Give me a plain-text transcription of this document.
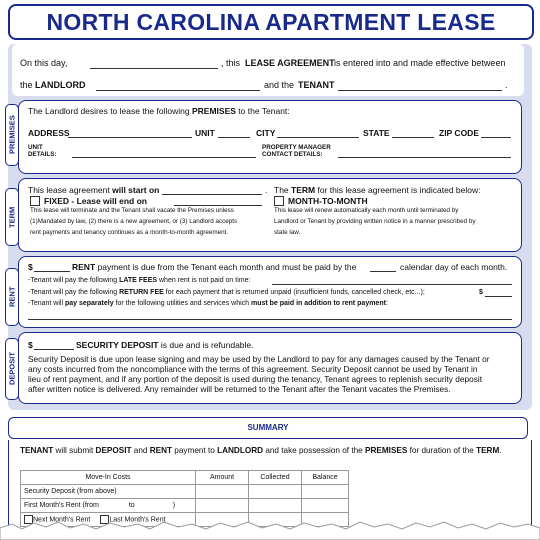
NORTH CAROLINA APARTMENT LEASE
On this day,	, this LEASE AGREEMENT is entered into and made effective between
the LANDLORD	and the TENANT	.
PREMISES
The Landlord desires to lease the following PREMISES to the Tenant:
ADDRESS	UNIT	CITY	STATE	ZIP CODE
UNIT
DETAILS:
PROPERTY MANAGER
CONTACT DETAILS:
TERM
This lease agreement will start on	. The TERM for this lease agreement is indicated below:
FIXED - Lease will end on
This lease will terminate and the Tenant shall vacate the Premises unless
(1)Mandated by law, (2) there is a new agreement, or (3) Landlord accepts
rent payments and tenancy continues as a month-to-month agreement.
MONTH-TO-MONTH
This lease will renew automatically each month until terminated by
Landlord or Tenant by providing written notice in a manner prescribed by
state law.
RENT
$	RENT payment is due from the Tenant each month and must be paid by the	calendar day of each month.
-Tenant will pay the following LATE FEES when rent is not paid on time:
-Tenant will pay the following RETURN FEE for each payment that is returned unpaid (insufficient funds, cancelled check, etc...);	$
-Tenant will pay separately for the following utilities and services which must be paid in addition to rent payment:
DEPOSIT
$	SECURITY DEPOSIT is due and is refundable.
Security Deposit is due upon lease signing and may be used by the Landlord to pay for any damages caused by the Tenant or
any costs incurred from the noncompliance with the terms of this agreement. Security Deposit cannot be used by Tenant in
lieu of rent payment, and if any portion of the deposit is used during the tenancy, Tenant agrees to replenish security deposit
after written notice is delivered. Any remainder will be returned to the Tenant after the Tenant vacates the Premises.
SUMMARY
TENANT will submit DEPOSIT and RENT payment to LANDLORD and take possession of the PREMISES for duration of the TERM.
Move-In Costs	Amount	Collected	Balance
Security Deposit (from above)			
First Month's Rent (from to )			
Next Month's Rent Last Month's Rent			
